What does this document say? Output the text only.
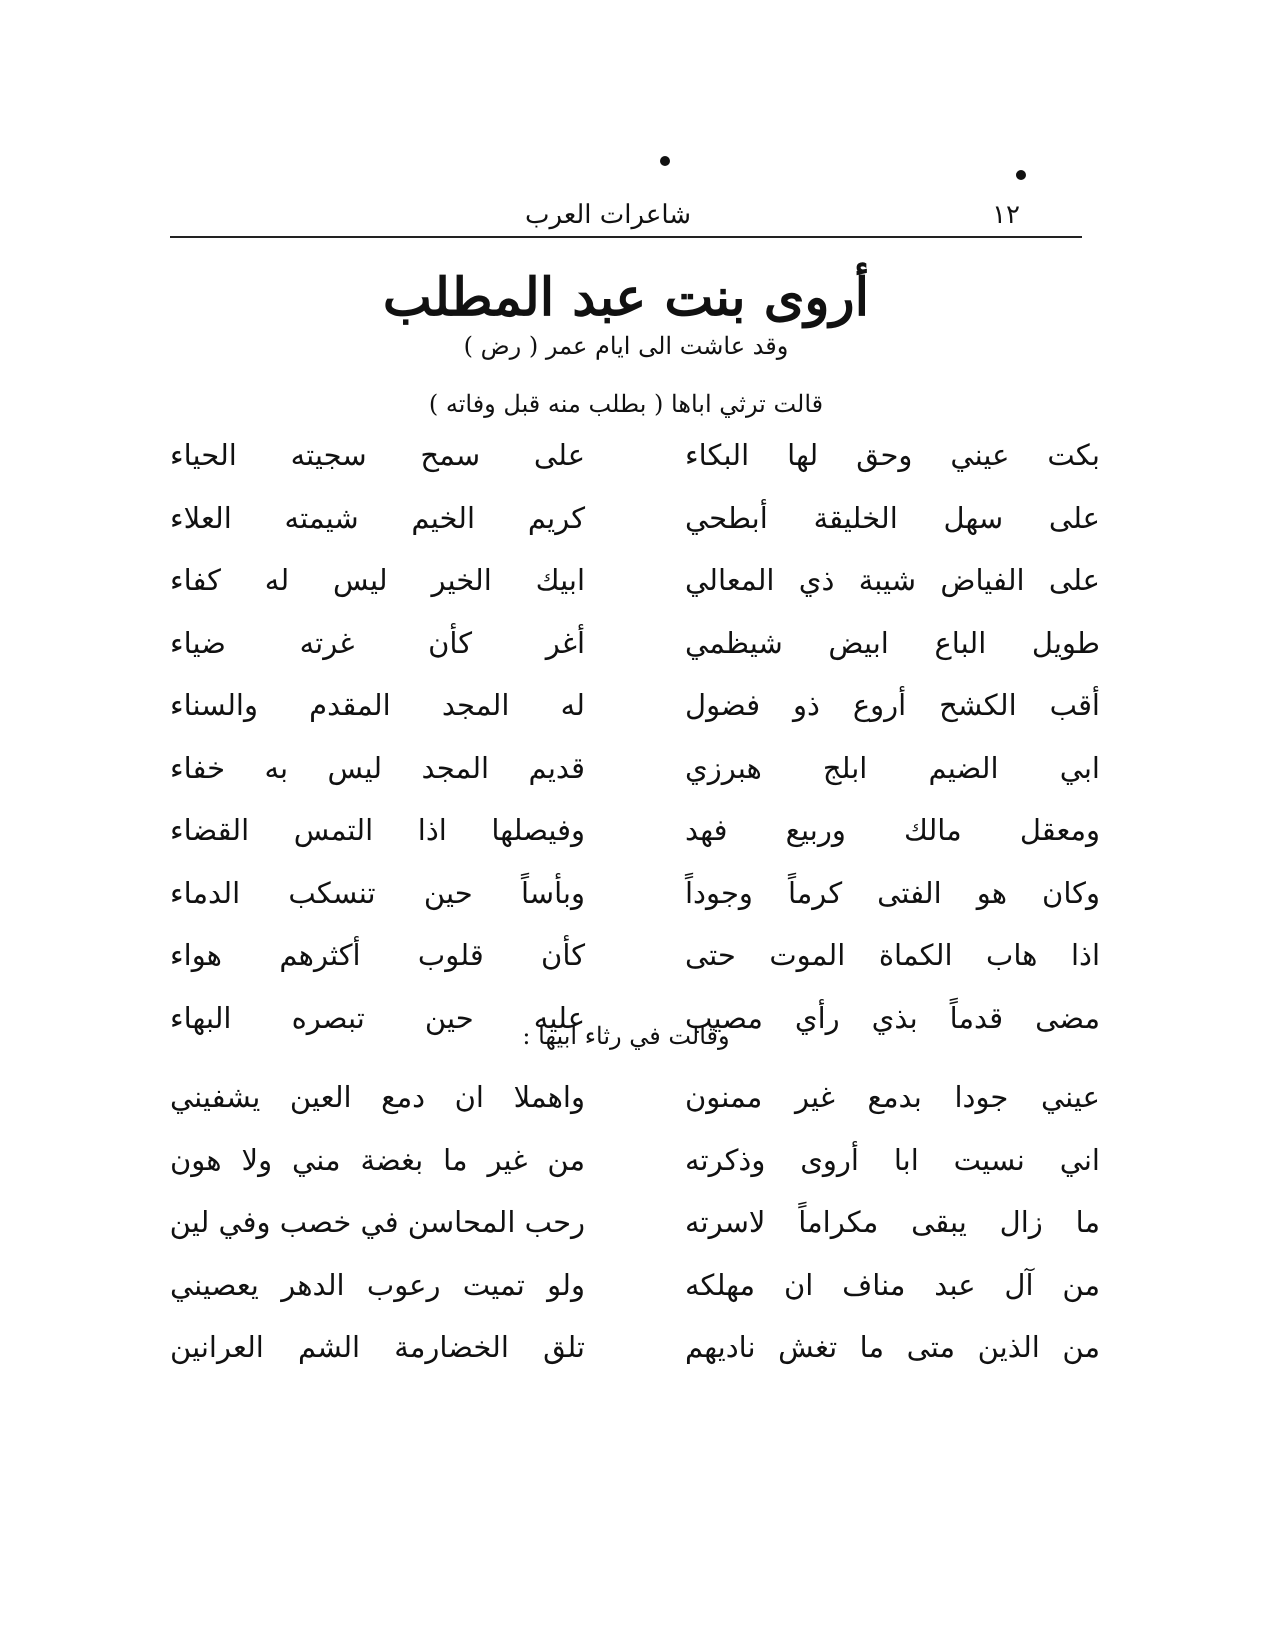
١٢
شاعرات العرب
أروى بنت عبد المطلب
وقد عاشت الى ايام عمر ( رض )
قالت ترثي اباها ( بطلب منه قبل وفاته )
بكت عيني وحق لها البكاء
على سمح سجيته الحياء
على سهل الخليقة أبطحي
كريم الخيم شيمته العلاء
على الفياض شيبة ذي المعالي
ابيك الخير ليس له كفاء
طويل الباع ابيض شيظمي
أغر كأن غرته ضياء
أقب الكشح أروع ذو فضول
له المجد المقدم والسناء
ابي الضيم ابلج هبرزي
قديم المجد ليس به خفاء
ومعقل مالك وربيع فهد
وفيصلها اذا التمس القضاء
وكان هو الفتى كرماً وجوداً
وبأساً حين تنسكب الدماء
اذا هاب الكماة الموت حتى
كأن قلوب أكثرهم هواء
مضى قدماً بذي رأي مصيب
عليه حين تبصره البهاء
وقالت في رثاء ابيها :
عيني جودا بدمع غير ممنون
واهملا ان دمع العين يشفيني
اني نسيت ابا أروى وذكرته
من غير ما بغضة مني ولا هون
ما زال يبقى مكراماً لاسرته
رحب المحاسن في خصب وفي لين
من آل عبد مناف ان مهلكه
ولو تميت رعوب الدهر يعصيني
من الذين متى ما تغش ناديهم
تلق الخضارمة الشم العرانين
